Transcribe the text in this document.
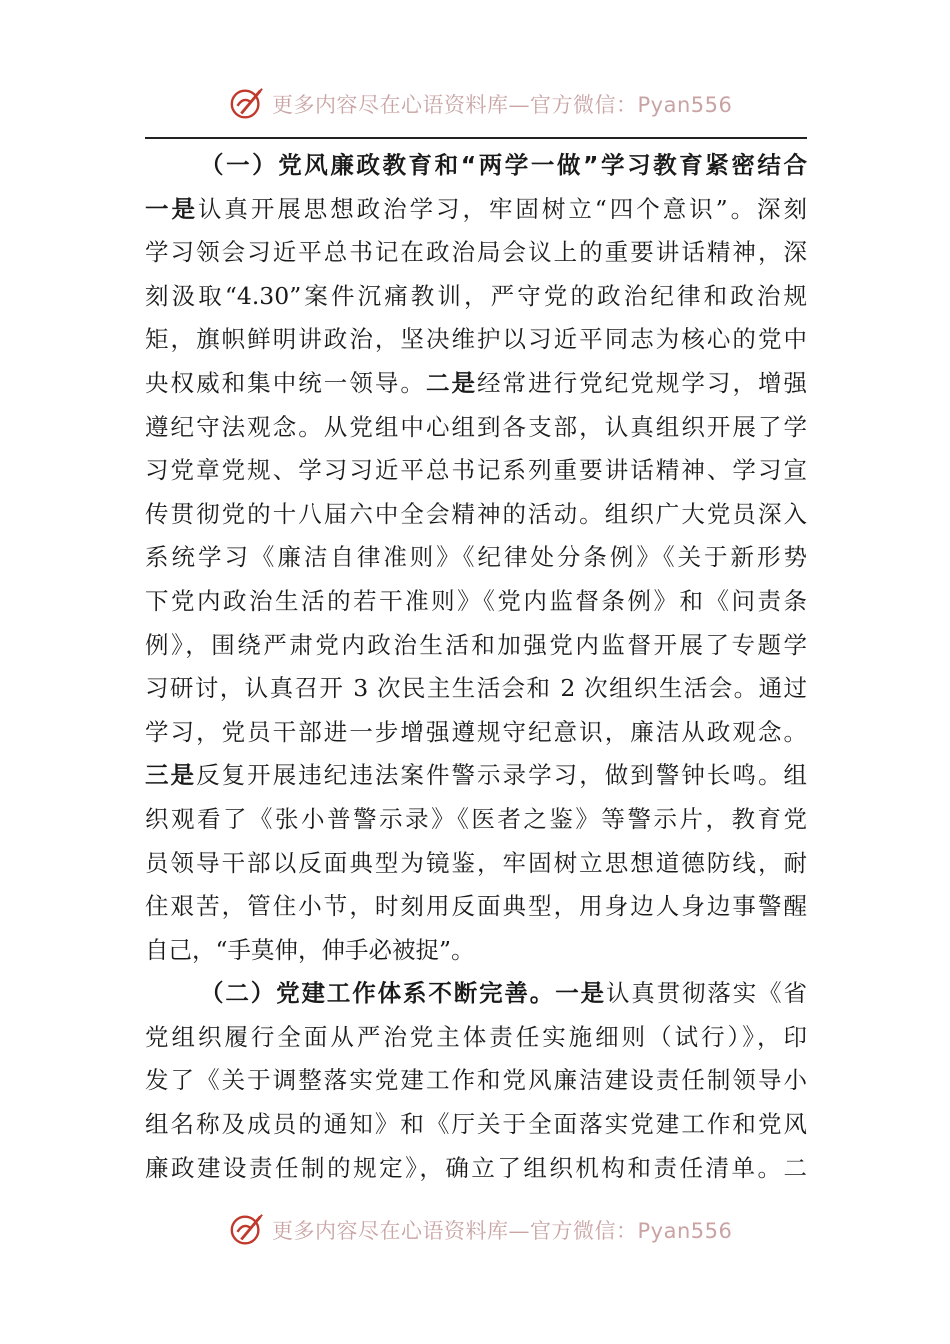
更多内容尽在心语资料库—官方微信：Pyan556
（一）党风廉政教育和“两学一做”学习教育紧密结合
一是认真开展思想政治学习，牢固树立“四个意识”。深刻
学习领会习近平总书记在政治局会议上的重要讲话精神，深
刻汲取“4.30”案件沉痛教训，严守党的政治纪律和政治规
矩，旗帜鲜明讲政治，坚决维护以习近平同志为核心的党中
央权威和集中统一领导。二是经常进行党纪党规学习，增强
遵纪守法观念。从党组中心组到各支部，认真组织开展了学
习党章党规、学习习近平总书记系列重要讲话精神、学习宣
传贯彻党的十八届六中全会精神的活动。组织广大党员深入
系统学习《廉洁自律准则》《纪律处分条例》《关于新形势
下党内政治生活的若干准则》《党内监督条例》和《问责条
例》，围绕严肃党内政治生活和加强党内监督开展了专题学
习研讨，认真召开 3 次民主生活会和 2 次组织生活会。通过
学习，党员干部进一步增强遵规守纪意识，廉洁从政观念。
三是反复开展违纪违法案件警示录学习，做到警钟长鸣。组
织观看了《张小普警示录》《医者之鉴》等警示片，教育党
员领导干部以反面典型为镜鉴，牢固树立思想道德防线，耐
住艰苦，管住小节，时刻用反面典型，用身边人身边事警醒
自己，“手莫伸，伸手必被捉”。
（二）党建工作体系不断完善。一是认真贯彻落实《省
党组织履行全面从严治党主体责任实施细则（试行）》，印
发了《关于调整落实党建工作和党风廉洁建设责任制领导小
组名称及成员的通知》和《厅关于全面落实党建工作和党风
廉政建设责任制的规定》，确立了组织机构和责任清单。二
更多内容尽在心语资料库—官方微信：Pyan556
